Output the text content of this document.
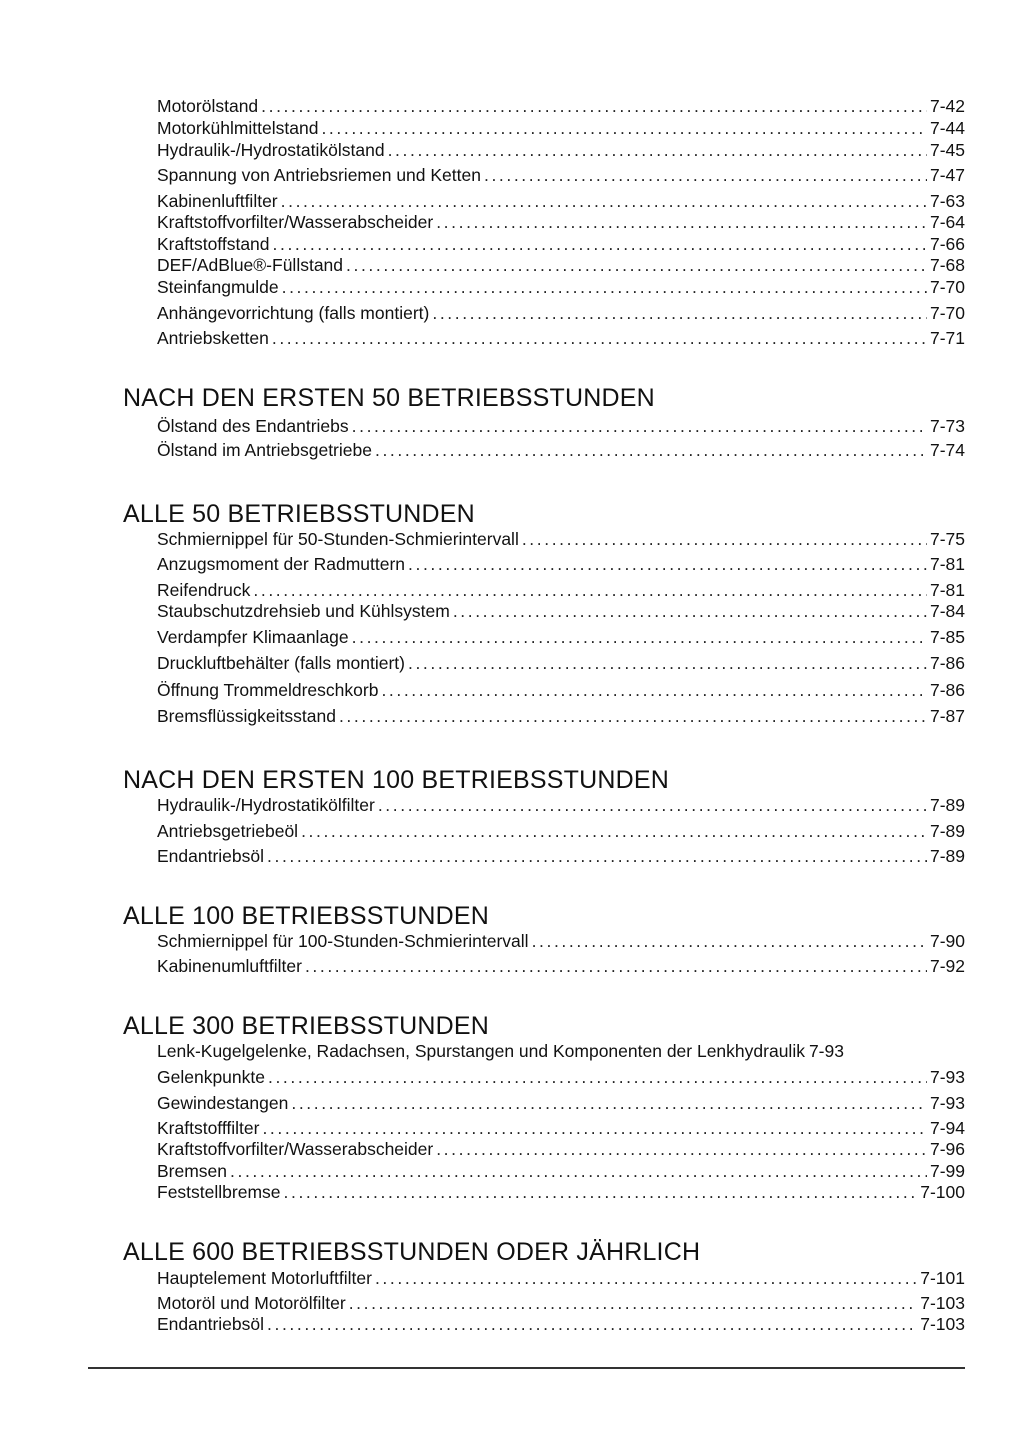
Motorölstand .....	7-42
Motorkühlmittelstand .....	7-44
Hydraulik-/Hydrostatikölstand .....	7-45
Spannung von Antriebsriemen und Ketten .....	7-47
Kabinenluftfilter .....	7-63
Kraftstoffvorfilter/Wasserabscheider .....	7-64
Kraftstoffstand .....	7-66
DEF/AdBlue®-Füllstand .....	7-68
Steinfangmulde .....	7-70
Anhängevorrichtung (falls montiert) .....	7-70
Antriebsketten .....	7-71
NACH DEN ERSTEN 50 BETRIEBSSTUNDEN
Ölstand des Endantriebs .....	7-73
Ölstand im Antriebsgetriebe .....	7-74
ALLE 50 BETRIEBSSTUNDEN
Schmiernippel für 50-Stunden-Schmierintervall .....	7-75
Anzugsmoment der Radmuttern .....	7-81
Reifendruck .....	7-81
Staubschutzdrehsieb und Kühlsystem .....	7-84
Verdampfer Klimaanlage .....	7-85
Druckluftbehälter (falls montiert) .....	7-86
Öffnung Trommeldreschkorb .....	7-86
Bremsflüssigkeitsstand .....	7-87
NACH DEN ERSTEN 100 BETRIEBSSTUNDEN
Hydraulik-/Hydrostatikölfilter .....	7-89
Antriebsgetriebeöl .....	7-89
Endantriebsöl .....	7-89
ALLE 100 BETRIEBSSTUNDEN
Schmiernippel für 100-Stunden-Schmierintervall .....	7-90
Kabinenumluftfilter .....	7-92
ALLE 300 BETRIEBSSTUNDEN
Lenk-Kugelgelenke, Radachsen, Spurstangen und Komponenten der Lenkhydraulik 7-93
Gelenkpunkte .....	7-93
Gewindestangen .....	7-93
Kraftstofffilter .....	7-94
Kraftstoffvorfilter/Wasserabscheider .....	7-96
Bremsen .....	7-99
Feststellbremse .....	7-100
ALLE 600 BETRIEBSSTUNDEN ODER JÄHRLICH
Hauptelement Motorluftfilter .....	7-101
Motoröl und Motorölfilter .....	7-103
Endantriebsöl .....	7-103
